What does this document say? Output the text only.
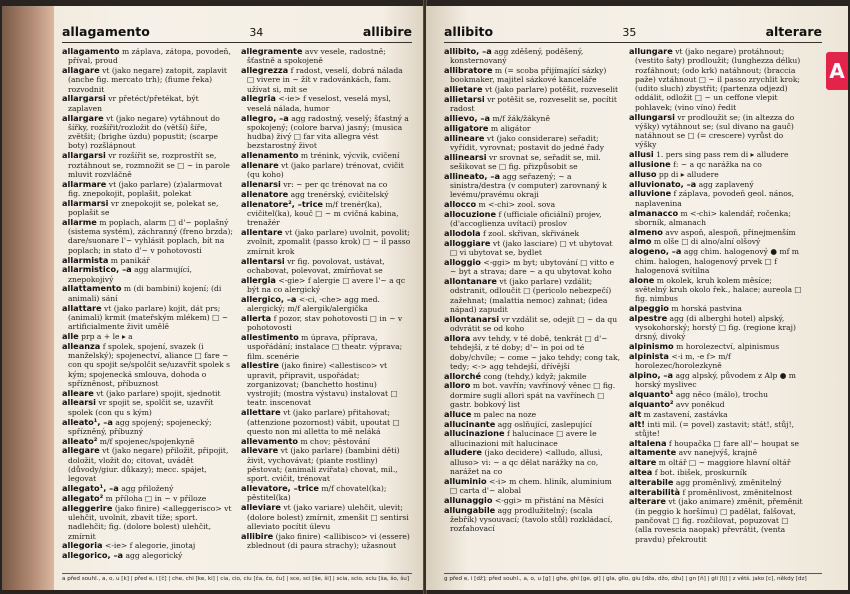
allagamento	34	allibire
allagamento m záplava, zátopa, povodeň, příval, proud
allagare vt (jako negare) zatopit, zaplavit (anche fig. mercato trh); (fiume řeka) rozvodnit
allargarsi vr přetéct/přetékat, být zaplaven
allargare vt (jako negare) vytáhnout do šířky, rozšířit/rozložit do (větší) šíře, zvětšit; (brighe úzdu) popustit; (scarpe boty) rozšlápnout
allargarsi vr rozšířit se, rozprostřít se, roztáhnout se, rozmnožit se □ ~ in parole mluvit rozvláčně
allarmare vt (jako parlare) (z)alarmovat fig. znepokojit, poplašit, polekat
allarmarsi vr znepokojit se, polekat se, poplašit se
allarme m poplach, alarm □ d'~ poplašný (sistema systém), záchranný (freno brzda); dare/suonare l'~ vyhlásit poplach, bít na poplach; in stato d'~ v pohotovosti
allarmista m panikář
allarmistico, –a agg alarmující, znepokojivý
allattamento m (di bambini) kojení; (di animali) sání
allattare vt (jako parlare) kojit, dát prs; (animali) krmit (mateřským mlékem) □ ~ artificialmente živit umělě
alle prp a + le ▸ a
alleanza f spolek, spojení, svazek (i manželský); spojenectví, aliance □ fare ~ con qu spojit se/spolčit se/uzavřít spolek s kým; spojenecká smlouva, dohoda o spřízněnost, příbuznost
alleare vt (jako parlare) spojit, sjednotit
allearsi vr spojit se, spolčit se, uzavřít spolek (con qu s kým)
alleato¹, –a agg spojený; spojenecký; spřízněný, příbuzný
alleato² m/f spojenec/spojenkyně
allegare vt (jako negare) přiložit, připojit, doložit, vložit do; citovat, uvádět (důvody/giur. důkazy); mecc. spájet, legovat
allegato¹, –a agg přiložený
allegato² m příloha □ in ~ v příloze
alleggerire (jako finire) <alleggerisco> vt ulehčit, uvolnit, zbavit tíže; sport. nadlehčit; fig. (dolore bolest) ulehčit, zmírnit
allegoria <-ie> f alegorie, jinotaj
allegorico, –a agg alegorický
allegramente avv vesele, radostně; šťastně a spokojeně
allegrezza f radost, veselí, dobrá nálada □ vivere in ~ žít v radovánkách, fam. užívat si, mít se
allegria <-ie> f veselost, veselá mysl, veselá nálada, humor
allegro, –a agg radostný, veselý; šťastný a spokojený; (colore barva) jasný; (musica hudba) živý □ far vita allegra vést bezstarostný život
allenamento m trénink, výcvik, cvičení
allenare vt (jako parlare) trénovat, cvičit (qu koho)
allenarsi vr: ~ per qc trénovat na co
allenatore agg trenérský, cvičitelský
allenatore², –trice m/f trenér(ka), cvičitel(ka), kouč □ ~ m cvičná kabina, trenažér
allentare vt (jako parlare) uvolnit, povolit; zvolnit, zpomalit (passo krok) □ ~ il passo zmírnit krok
allentarsi vr fig. povolovat, ustávat, ochabovat, polevovat, zmírňovat se
allergia <-gie> f alergie □ avere l'~ a qc být na co alergický
allergico, –a <-ci, -che> agg med. alergický; m/f alergik/alergička
allerta f pozor, stav pohotovosti □ in ~ v pohotovosti
allestimento m úprava, příprava, uspořádání; instalace □ theatr. výprava; film. scenérie
allestire (jako finire) <allestisco> vt upravit, připravit, uspořádat; zorganizovat; (banchetto hostinu) vystrojit; (mostra výstavu) instalovat □ teatr. inscenovat
allettare vt (jako parlare) přitahovat; (attenzione pozornost) vábit, upoutat □ questo non mi alletta to mě neláká
allevamento m chov; pěstování
allevare vt (jako parlare) (bambini děti) živit, vychovávat; (piante rostliny) pěstovat; (animali zvířata) chovat, mil., sport. cvičit, trénovat
allevatore, –trice m/f chovatel(ka); pěstitel(ka)
alleviare vt (jako variare) ulehčit, ulevit; (dolore bolest) zmírnit, zmenšit □ sentirsi alleviato pocítit úlevu
allibire (jako finire) <allibisco> vi (essere) zblednout (di paura strachy); užasnout
a před souhl., a, o, u [k] | před e, i [č] | che, chi [ke, ki] | cia, cio, ciu [ča, čo, ču] | sce, sci [še, ši] | scia, scio, sciu [ša, šo, šu]
allibito	35	alterare
A
allibito, –a agg zděšený, poděšený, konsternovaný
allibratore m (= scoba přijímající sázky) bookmaker, majitel sázkové kanceláře
allietare vt (jako parlare) potěšit, rozveselit
allietarsi vr potěšit se, rozveselit se, pocítit radost
allievo, –a m/f žák/žákyně
alligatore m aligátor
allineare vt (jako considerare) seřadit; vyřídit, vyrovnat; postavit do jedné řady
allinearsi vr srovnat se, seřadit se, mil. sešikovat se □ fig. přizpůsobit se
allineato, –a agg seřazený; ~ a sinistra/destra (v computer) zarovnaný k levému/pravému okraji
allocco m <-chi> zool. sova
allocuzione f (ufficiale oficiální) projev, (d'accoglienza uvítací) proslov
allodola f zool. skřivan, skřivánek
alloggiare vt (jako lasciare) □ vt ubytovat □ vi ubytovat se, bydlet
alloggio <-ggi> m byt; ubytování □ vitto e ~ byt a strava; dare ~ a qu ubytovat koho
allontanare vt (jako parlare) vzdálit; odstranit, odloučit □ (pericolo nebezpečí) zažehnat; (malattia nemoc) zahnat; (idea nápad) zapudit
allontanarsi vr vzdálit se, odejít □ ~ da qu odvrátit se od koho
allora avv tehdy, v té době, tenkrát □ d'~ tehdejší, z té doby; d'~ in poi od té doby/chvíle; ~ come ~ jako tehdy; cong tak, tedy; <-> agg tehdejší, dřívější
allorché cong (tehdy,) když; jakmile
alloro m bot. vavřín; vavřínový věnec □ fig. dormire sugli allori spát na vavřínech □ gastr. bobkový list
alluce m palec na noze
allucinante agg oslňující, zaslepující
allucinazione f halucinace □ avere le allucinazioni mít halucinace
alludere (jako decidere) <alludo, allusi, alluso> vi: ~ a qc dělat narážky na co, narážet na co
alluminio <-i> m chem. hliník, aluminium □ carta d'~ alobal
allunaggio <-ggi> m přistání na Měsíci
allungabile agg prodlužitelný; (scala žebřík) vysouvací; (tavolo stůl) rozkládací, rozťahovací
allungare vt (jako negare) protáhnout; (vestito šaty) prodloužit; (lunghezza délku) rozťáhnout; (odo krk) natáhnout; (braccia paže) vztáhnout □ ~ il passo zrychlit krok; (udito sluch) zbystřit; (partenza odjezd) oddálit, odložit □ ~ un ceffone vlepit pohlavek; (vino víno) ředit
allungarsi vr prodloužit se; (in altezza do výšky) vytáhnout se; (sul divano na gauč) natáhnout se □ (= crescere) vyrůst do výšky
allusi 1. pers sing pass rem di ▸ alludere
allusione f: ~ a qc narážka na co
alluso pp di ▸ alludere
alluvionato, –a agg zaplavený
alluvione f záplava, povodeň geol. nános, naplavenina
almanacco m <-chi> kalendář, ročenka; sborník, almanach
almeno avv aspoň, alespoň, přinejmenším
almo m olše □ di alno/alní olšový
alogeno, –a agg chim. halogenový ● mf m chim. halogen, halogenový prvek □ f halogenová svítilna
alone m okolek, kruh kolem měsíce; světelný kruh okolo řek., halace; aureola □ fig. nimbus
alpeggio m horská pastvina
alpestre agg (di alberghi hotel) alpský, vysokohorský; horstý □ fig. (regione kraj) drsný, divoký
alpinismo m horolezectví, alpinismus
alpinista <-i m, -e f> m/f horolezec/horolezkyně
alpino, –a agg alpský, původem z Alp ● m horský myslivec
alquanto¹ agg něco (málo), trochu
alquanto² avv poněkud
alt m zastavení, zastávka
alt! inti mil. (= povel) zastavit; stát!, stůj!, stůjte!
altalena f houpačka □ fare all'~ houpat se
altamente avv nanejvýš, krajně
altare m oltář □ ~ maggiore hlavní oltář
altea f bot. ibišek, proskurník
alterabile agg proměnlivý, změnitelný
alterabilità f proměnlivost, změnitelnost
alterare vt (jako animare) změnit, přeměnit (in peggio k horšímu) □ padělat, falšovat, pančovat □ fig. rozčilovat, popuzovat □ (alla rovescia naopak) převrátit, (venta pravdu) překroutit
g před e, i [dž]; před souhl., a, o, u [g] | ghe, ghi [ge, gi] | gla, glio, giu [dža, džo, džu] | gn [ň] | gli [lj] | z větš. jako [c], někdy [dz]
